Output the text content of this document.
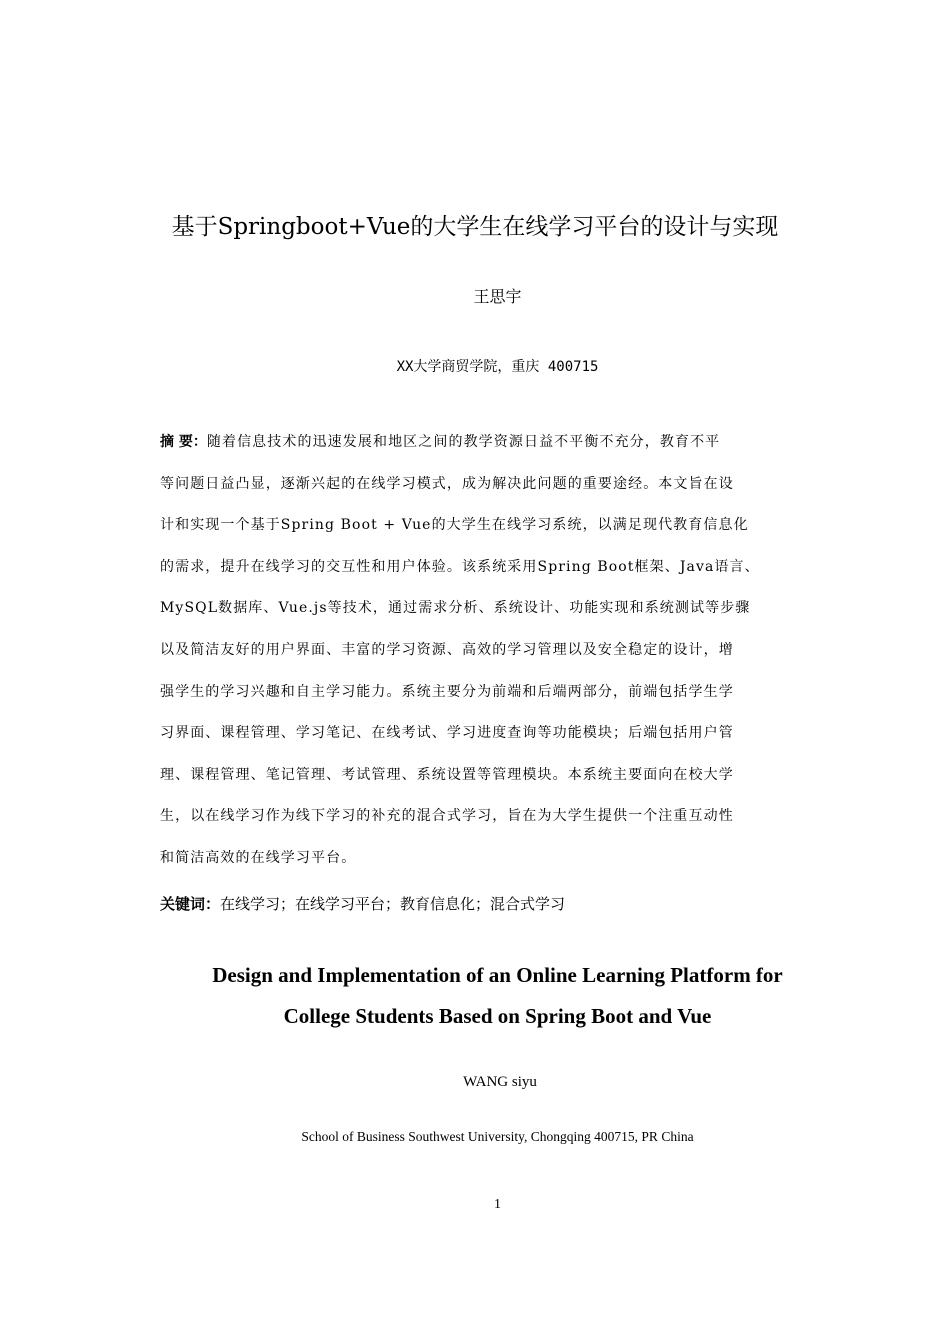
基于Springboot+Vue的大学生在线学习平台的设计与实现
王思宇
XX大学商贸学院，重庆 400715
摘 要：随着信息技术的迅速发展和地区之间的教学资源日益不平衡不充分，教育不平
等问题日益凸显，逐渐兴起的在线学习模式，成为解决此问题的重要途经。本文旨在设
计和实现一个基于Spring Boot + Vue的大学生在线学习系统，以满足现代教育信息化
的需求，提升在线学习的交互性和用户体验。该系统采用Spring Boot框架、Java语言、
MySQL数据库、Vue.js等技术，通过需求分析、系统设计、功能实现和系统测试等步骤
以及简洁友好的用户界面、丰富的学习资源、高效的学习管理以及安全稳定的设计，增
强学生的学习兴趣和自主学习能力。系统主要分为前端和后端两部分，前端包括学生学
习界面、课程管理、学习笔记、在线考试、学习进度查询等功能模块；后端包括用户管
理、课程管理、笔记管理、考试管理、系统设置等管理模块。本系统主要面向在校大学
生，以在线学习作为线下学习的补充的混合式学习，旨在为大学生提供一个注重互动性
和简洁高效的在线学习平台。
关键词：在线学习；在线学习平台；教育信息化；混合式学习
Design and Implementation of an Online Learning Platform for
College Students Based on Spring Boot and Vue
WANG siyu
School of Business Southwest University, Chongqing 400715, PR China
1
